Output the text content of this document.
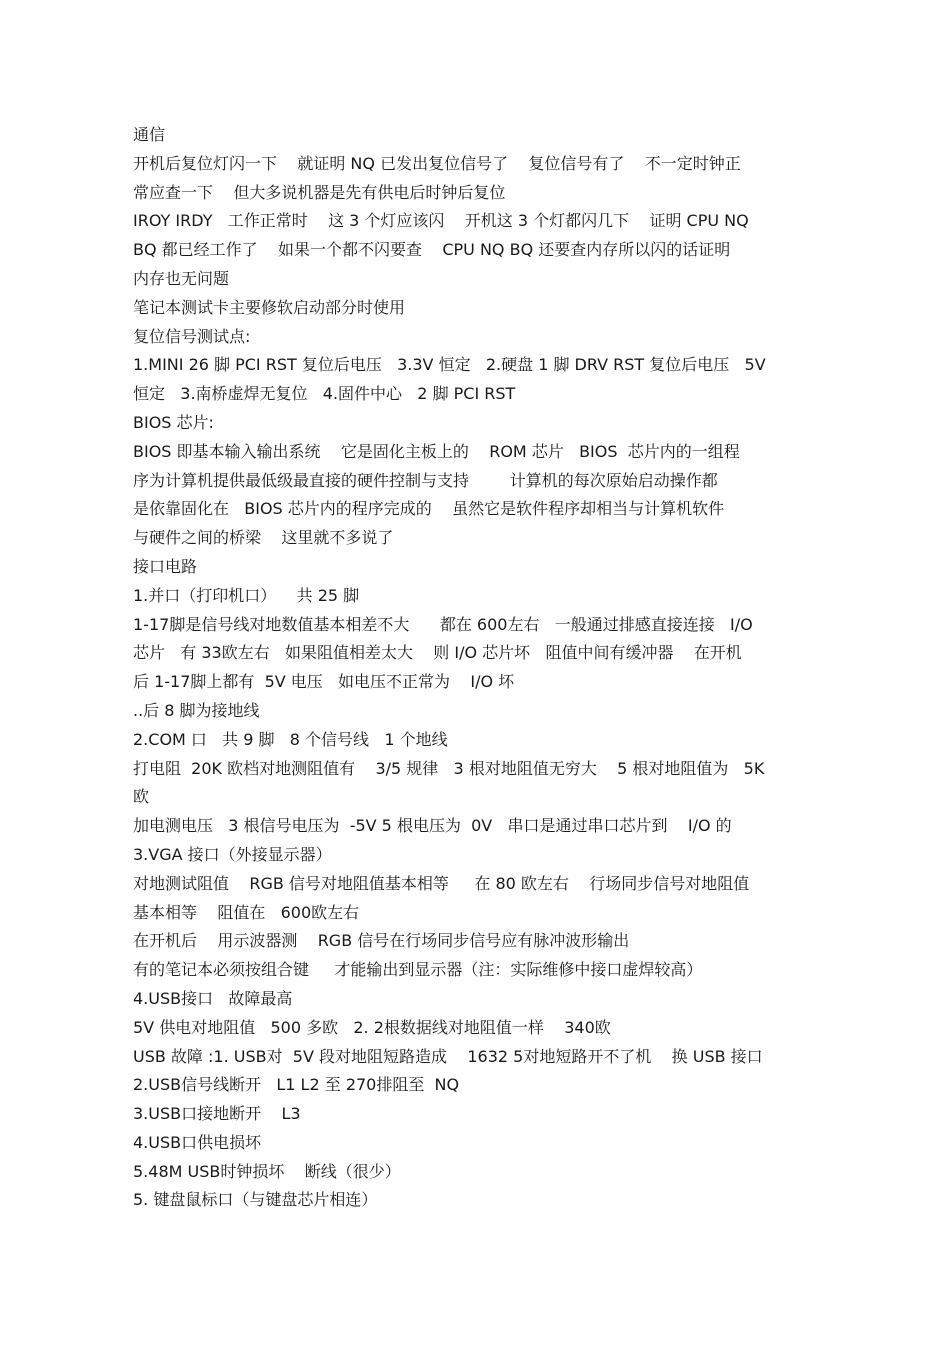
通信
开机后复位灯闪一下    就证明 NQ 已发出复位信号了    复位信号有了    不一定时钟正
常应查一下    但大多说机器是先有供电后时钟后复位
IROY IRDY   工作正常时    这 3 个灯应该闪    开机这 3 个灯都闪几下    证明 CPU NQ
BQ 都已经工作了    如果一个都不闪要查    CPU NQ BQ 还要查内存所以闪的话证明
内存也无问题
笔记本测试卡主要修软启动部分时使用
复位信号测试点:
1.MINI 26 脚 PCI RST 复位后电压   3.3V 恒定   2.硬盘 1 脚 DRV RST 复位后电压   5V
恒定   3.南桥虚焊无复位   4.固件中心   2 脚 PCI RST
BIOS 芯片:
BIOS 即基本输入输出系统    它是固化主板上的    ROM 芯片   BIOS  芯片内的一组程
序为计算机提供最低级最直接的硬件控制与支持        计算机的每次原始启动操作都
是依靠固化在   BIOS 芯片内的程序完成的    虽然它是软件程序却相当与计算机软件
与硬件之间的桥梁    这里就不多说了
接口电路
1.并口（打印机口）    共 25 脚
1-17脚是信号线对地数值基本相差不大      都在 600左右   一般通过排感直接连接   I/O
芯片   有 33欧左右   如果阻值相差太大    则 I/O 芯片坏   阻值中间有缓冲器    在开机
后 1-17脚上都有  5V 电压   如电压不正常为    I/O 坏
..后 8 脚为接地线
2.COM 口   共 9 脚   8 个信号线   1 个地线
打电阻  20K 欧档对地测阻值有    3/5 规律   3 根对地阻值无穷大    5 根对地阻值为   5K
欧
加电测电压   3 根信号电压为  -5V 5 根电压为  0V   串口是通过串口芯片到    I/O 的
3.VGA 接口（外接显示器）
对地测试阻值    RGB 信号对地阻值基本相等     在 80 欧左右    行场同步信号对地阻值
基本相等    阻值在   600欧左右
在开机后    用示波器测    RGB 信号在行场同步信号应有脉冲波形输出
有的笔记本必须按组合键     才能输出到显示器（注：实际维修中接口虚焊较高）
4.USB接口   故障最高
5V 供电对地阻值   500 多欧   2. 2根数据线对地阻值一样    340欧
USB 故障 :1. USB对  5V 段对地阻短路造成    1632 5对地短路开不了机    换 USB 接口
2.USB信号线断开   L1 L2 至 270排阻至  NQ
3.USB口接地断开    L3
4.USB口供电损坏
5.48M USB时钟损坏    断线（很少）
5. 键盘鼠标口（与键盘芯片相连）
